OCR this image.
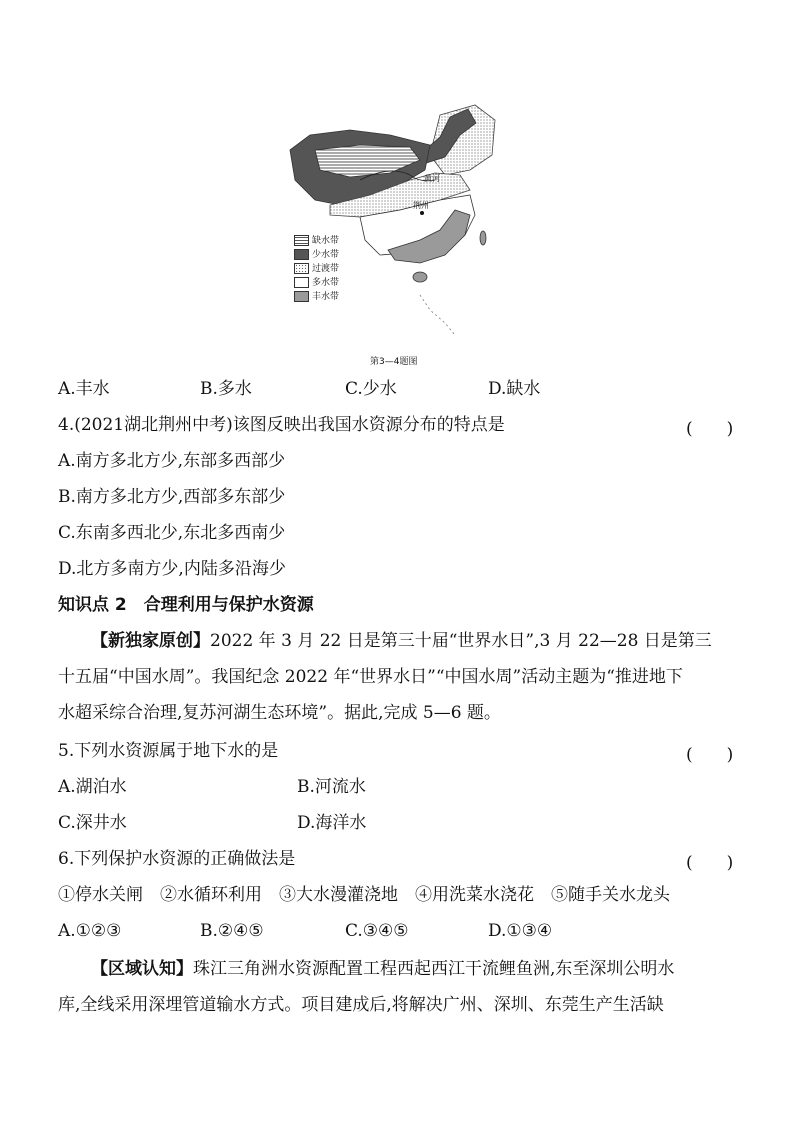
黄河
荆州
缺水带
少水带
过渡带
多水带
丰水带
第3—4题图
A.丰水	B.多水	C.少水	D.缺水
4.(2021湖北荆州中考)该图反映出我国水资源分布的特点是	(　　)
A.南方多北方少,东部多西部少
B.南方多北方少,西部多东部少
C.东南多西北少,东北多西南少
D.北方多南方少,内陆多沿海少
知识点 2　合理利用与保护水资源
【新独家原创】2022 年 3 月 22 日是第三十届“世界水日”,3 月 22—28 日是第三
十五届“中国水周”。我国纪念 2022 年“世界水日”“中国水周”活动主题为“推进地下
水超采综合治理,复苏河湖生态环境”。据此,完成 5—6 题。
5.下列水资源属于地下水的是	(　　)
A.湖泊水	B.河流水
C.深井水	D.海洋水
6.下列保护水资源的正确做法是	(　　)
①停水关闸　②水循环利用　③大水漫灌浇地　④用洗菜水浇花　⑤随手关水龙头
A.①②③	B.②④⑤	C.③④⑤	D.①③④
【区域认知】珠江三角洲水资源配置工程西起西江干流鲤鱼洲,东至深圳公明水
库,全线采用深埋管道输水方式。项目建成后,将解决广州、深圳、东莞生产生活缺
